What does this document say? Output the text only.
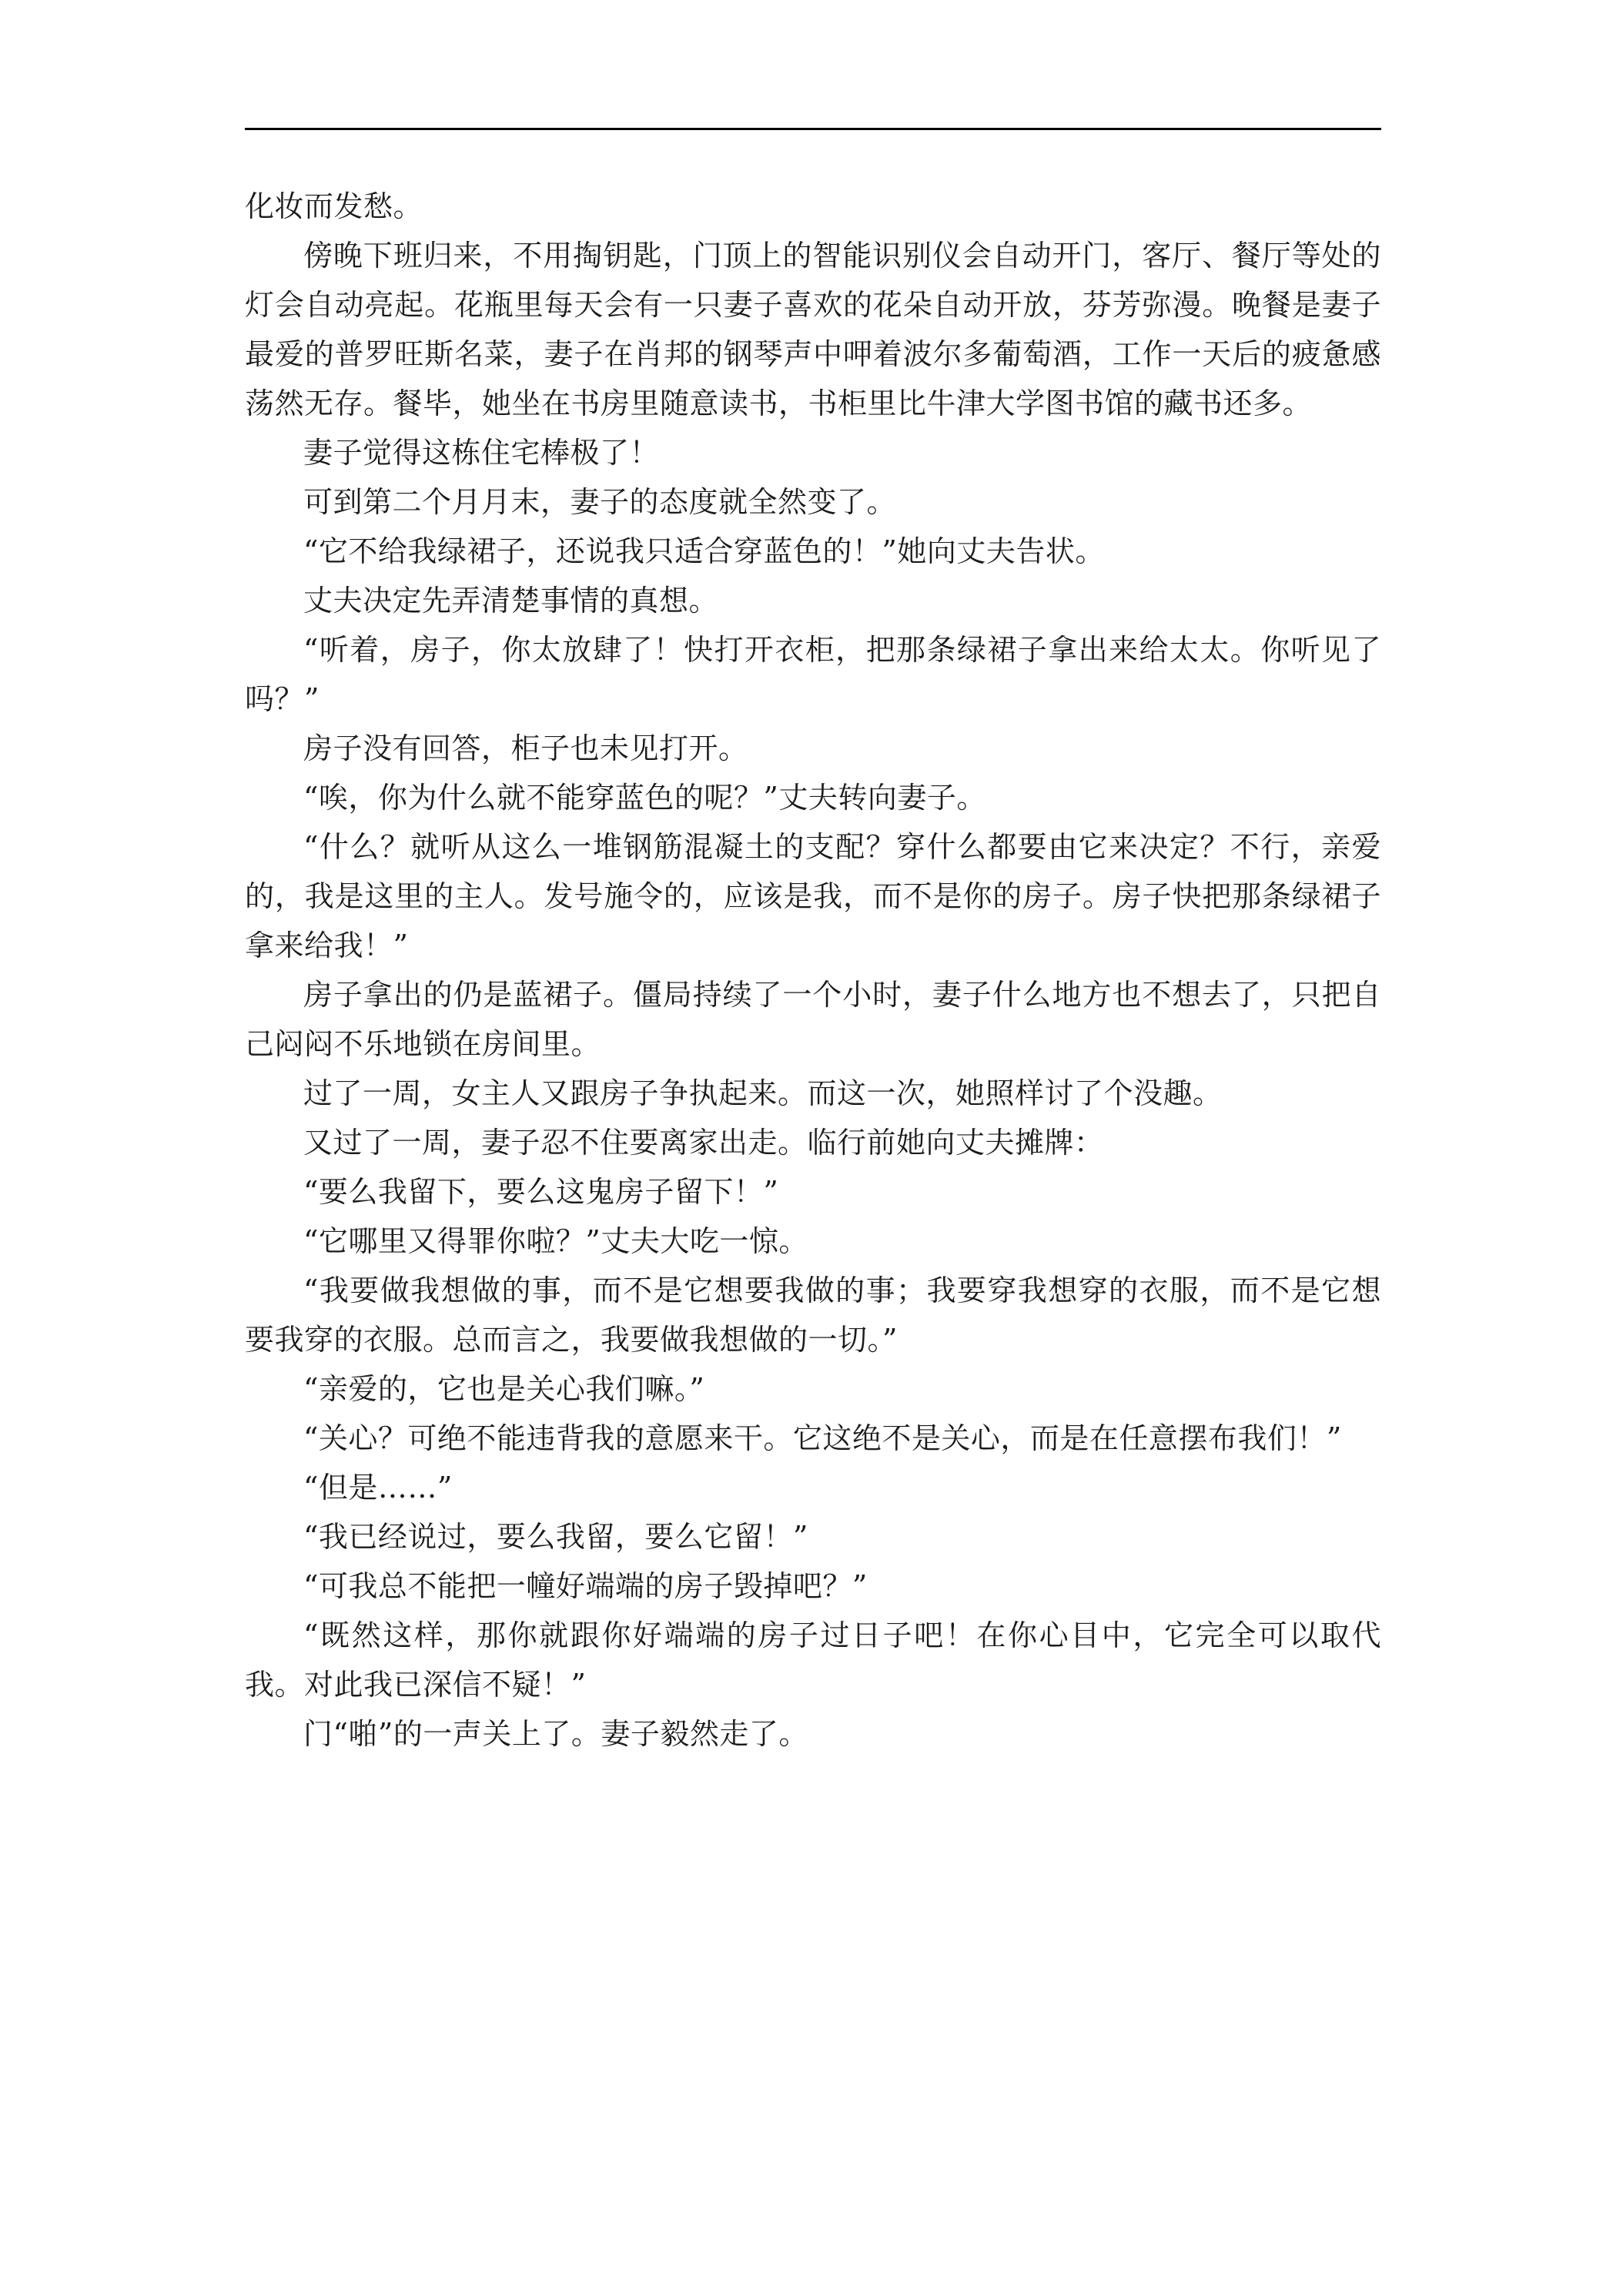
化妆而发愁。

傍晚下班归来，不用掏钥匙，门顶上的智能识别仪会自动开门，客厅、餐厅等处的灯会自动亮起。花瓶里每天会有一只妻子喜欢的花朵自动开放，芬芳弥漫。晚餐是妻子最爱的普罗旺斯名菜，妻子在肖邦的钢琴声中呷着波尔多葡萄酒，工作一天后的疲惫感荡然无存。餐毕，她坐在书房里随意读书，书柜里比牛津大学图书馆的藏书还多。

妻子觉得这栋住宅棒极了！

可到第二个月月末，妻子的态度就全然变了。

“它不给我绿裙子，还说我只适合穿蓝色的！”她向丈夫告状。

丈夫决定先弄清楚事情的真想。

“听着，房子，你太放肆了！快打开衣柜，把那条绿裙子拿出来给太太。你听见了吗？”

房子没有回答，柜子也未见打开。

“唉，你为什么就不能穿蓝色的呢？”丈夫转向妻子。

“什么？就听从这么一堆钢筋混凝土的支配？穿什么都要由它来决定？不行，亲爱的，我是这里的主人。发号施令的，应该是我，而不是你的房子。房子快把那条绿裙子拿来给我！”

房子拿出的仍是蓝裙子。僵局持续了一个小时，妻子什么地方也不想去了，只把自己闷闷不乐地锁在房间里。

过了一周，女主人又跟房子争执起来。而这一次，她照样讨了个没趣。

又过了一周，妻子忍不住要离家出走。临行前她向丈夫摊牌：

“要么我留下，要么这鬼房子留下！”

“它哪里又得罪你啦？”丈夫大吃一惊。

“我要做我想做的事，而不是它想要我做的事；我要穿我想穿的衣服，而不是它想要我穿的衣服。总而言之，我要做我想做的一切。”

“亲爱的，它也是关心我们嘛。”

“关心？可绝不能违背我的意愿来干。它这绝不是关心，而是在任意摆布我们！”

“但是……”

“我已经说过，要么我留，要么它留！”

“可我总不能把一幢好端端的房子毁掉吧？”

“既然这样，那你就跟你好端端的房子过日子吧！在你心目中，它完全可以取代我。对此我已深信不疑！”

门“啪”的一声关上了。妻子毅然走了。
